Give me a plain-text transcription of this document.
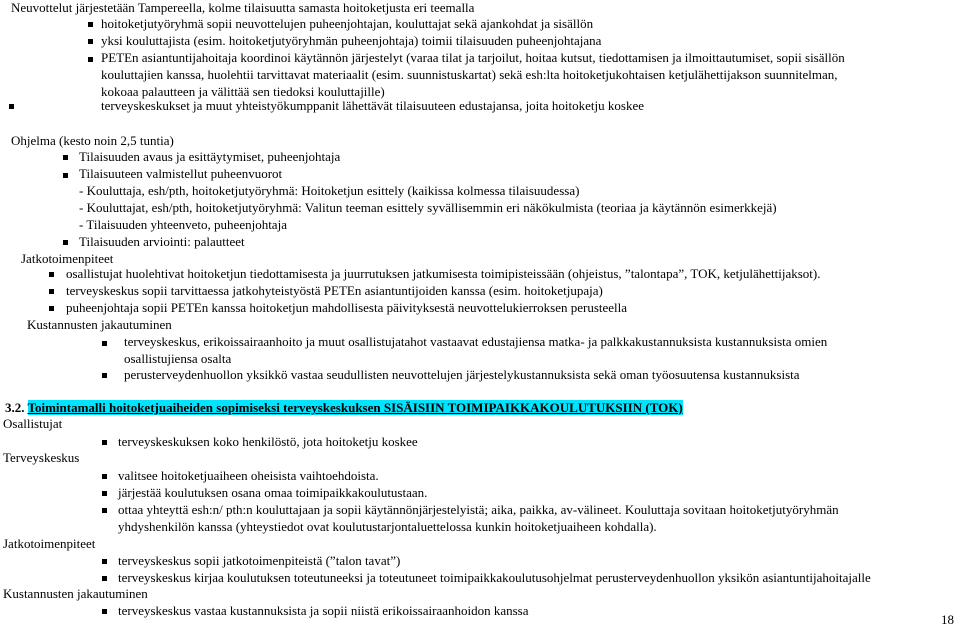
Neuvottelut järjestetään Tampereella, kolme tilaisuutta samasta hoitoketjusta eri teemalla
hoitoketjutyöryhmä sopii neuvottelujen puheenjohtajan, kouluttajat sekä ajankohdat ja sisällön
yksi kouluttajista (esim. hoitoketjutyöryhmän puheenjohtaja) toimii tilaisuuden puheenjohtajana
PETEn asiantuntijahoitaja koordinoi käytännön järjestelyt (varaa tilat ja tarjoilut, hoitaa kutsut, tiedottamisen ja ilmoittautumiset, sopii sisällön
kouluttajien kanssa, huolehtii tarvittavat materiaalit (esim. suunnistuskartat) sekä esh:lta hoitoketjukohtaisen ketjulähettijakson suunnitelman,
kokoaa palautteen ja välittää sen tiedoksi kouluttajille)
terveyskeskukset ja muut yhteistyökumppanit lähettävät tilaisuuteen edustajansa, joita hoitoketju koskee
Ohjelma (kesto noin 2,5 tuntia)
Tilaisuuden avaus ja esittäytymiset, puheenjohtaja
Tilaisuuteen valmistellut puheenvuorot
- Kouluttaja, esh/pth, hoitoketjutyöryhmä: Hoitoketjun esittely (kaikissa kolmessa tilaisuudessa)
- Kouluttajat, esh/pth, hoitoketjutyöryhmä: Valitun teeman esittely syvällisemmin eri näkökulmista (teoriaa ja käytännön esimerkkejä)
- Tilaisuuden yhteenveto, puheenjohtaja
Tilaisuuden arviointi: palautteet
Jatkotoimenpiteet
osallistujat huolehtivat hoitoketjun tiedottamisesta ja juurrutuksen jatkumisesta toimipisteissään (ohjeistus, ”talontapa”, TOK, ketjulähettijaksot).
terveyskeskus sopii tarvittaessa jatkohyteistyöstä PETEn asiantuntijoiden kanssa (esim. hoitoketjupaja)
puheenjohtaja sopii PETEn kanssa hoitoketjun mahdollisesta päivityksestä neuvottelukierroksen perusteella
Kustannusten jakautuminen
terveyskeskus, erikoissairaanhoito ja muut osallistujatahot vastaavat edustajiensa matka- ja palkkakustannuksista kustannuksista omien
osallistujiensa osalta
perusterveydenhuollon yksikkö vastaa seudullisten neuvottelujen järjestelykustannuksista sekä oman työosuutensa kustannuksista
3.2. Toimintamalli hoitoketjuaiheiden sopimiseksi terveyskeskuksen SISÄISIIN TOIMIPAIKKAKOULUTUKSIIN (TOK)
Osallistujat
terveyskeskuksen koko henkilöstö, jota hoitoketju koskee
Terveyskeskus
valitsee hoitoketjuaiheen oheisista vaihtoehdoista.
järjestää koulutuksen osana omaa toimipaikkakoulutustaan.
ottaa yhteyttä esh:n/ pth:n kouluttajaan ja sopii käytännönjärjestelyistä; aika, paikka, av-välineet. Kouluttaja sovitaan hoitoketjutyöryhmän
yhdyshenkilön kanssa (yhteystiedot ovat koulutustarjontaluettelossa kunkin hoitoketjuaiheen kohdalla).
Jatkotoimenpiteet
terveyskeskus sopii jatkotoimenpiteistä (”talon tavat”)
terveyskeskus kirjaa koulutuksen toteutuneeksi ja toteutuneet toimipaikkakoulutusohjelmat perusterveydenhuollon yksikön asiantuntijahoitajalle
Kustannusten jakautuminen
terveyskeskus vastaa kustannuksista ja sopii niistä erikoissairaanhoidon kanssa
18
